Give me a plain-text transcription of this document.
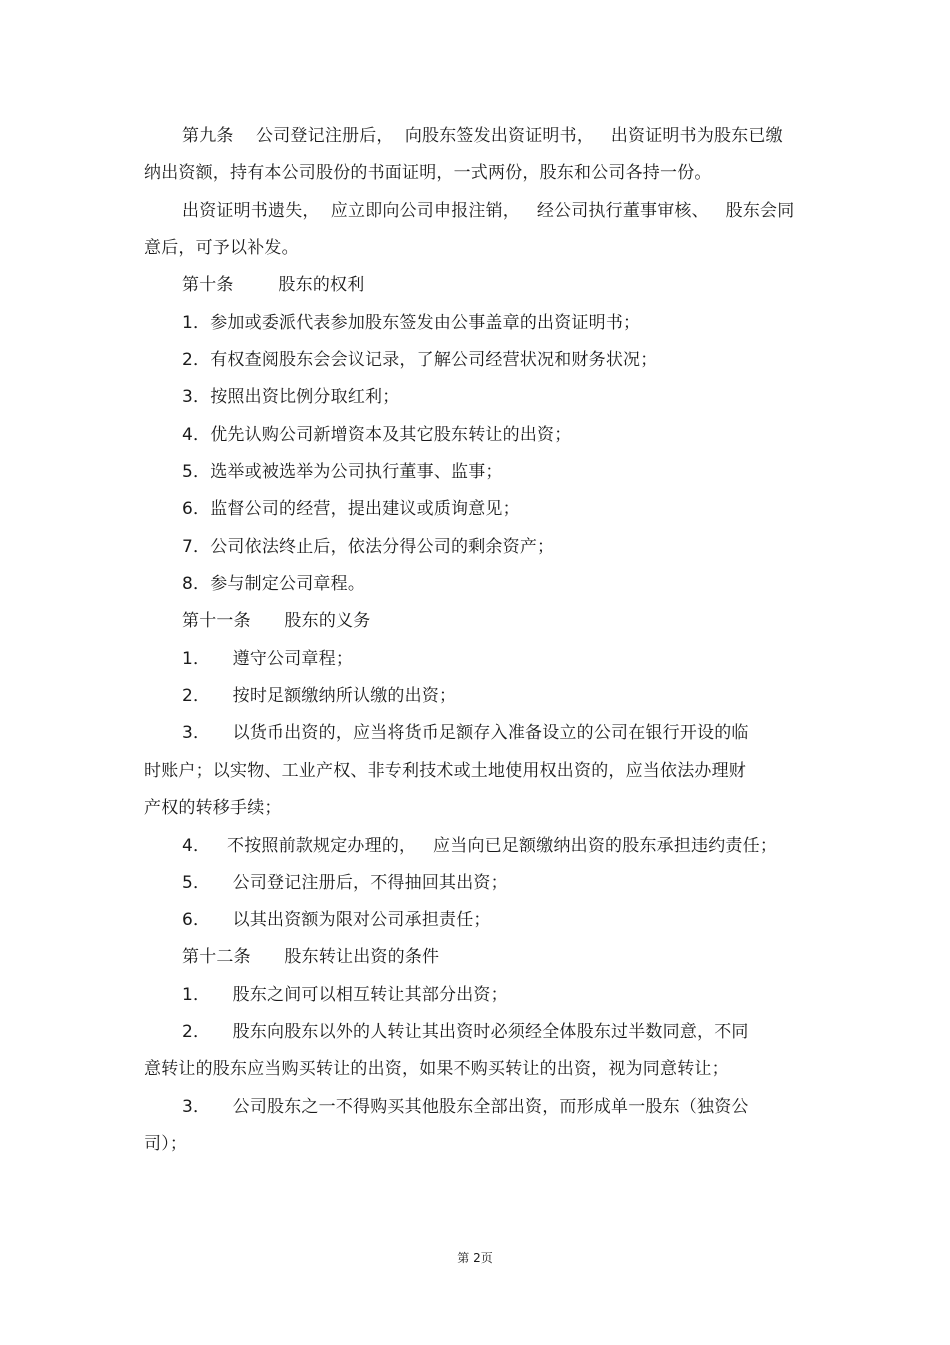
第九条    公司登记注册后，  向股东签发出资证明书，   出资证明书为股东已缴
纳出资额，持有本公司股份的书面证明，一式两份，股东和公司各持一份。
出资证明书遗失，  应立即向公司申报注销，   经公司执行董事审核、   股东会同
意后，可予以补发。
第十条        股东的权利
1．参加或委派代表参加股东签发由公事盖章的出资证明书；
2．有权查阅股东会会议记录，了解公司经营状况和财务状况；
3．按照出资比例分取红利；
4．优先认购公司新增资本及其它股东转让的出资；
5．选举或被选举为公司执行董事、监事；
6．监督公司的经营，提出建议或质询意见；
7．公司依法终止后，依法分得公司的剩余资产；
8．参与制定公司章程。
第十一条      股东的义务
1．    遵守公司章程；
2．    按时足额缴纳所认缴的出资；
3．    以货币出资的，应当将货币足额存入准备设立的公司在银行开设的临
时账户；以实物、工业产权、非专利技术或土地使用权出资的，应当依法办理财
产权的转移手续；
4．   不按照前款规定办理的，   应当向已足额缴纳出资的股东承担违约责任；
5．    公司登记注册后，不得抽回其出资；
6．    以其出资额为限对公司承担责任；
第十二条      股东转让出资的条件
1．    股东之间可以相互转让其部分出资；
2．    股东向股东以外的人转让其出资时必须经全体股东过半数同意，不同
意转让的股东应当购买转让的出资，如果不购买转让的出资，视为同意转让；
3．    公司股东之一不得购买其他股东全部出资，而形成单一股东（独资公
司）；
第 2页
